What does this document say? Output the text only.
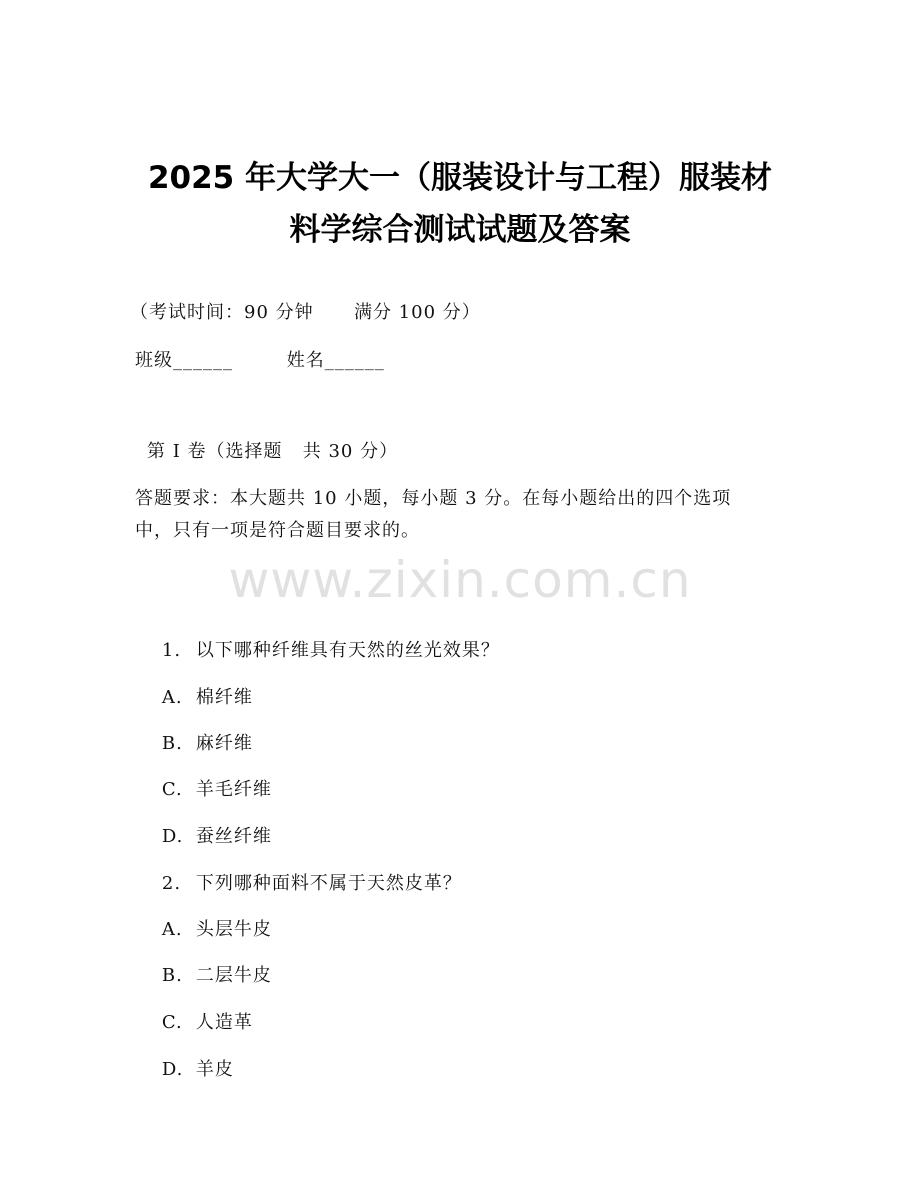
2025 年大学大一（服装设计与工程）服装材
料学综合测试试题及答案
（考试时间：90 分钟      满分 100 分）
班级______        姓名______
第 I 卷（选择题   共 30 分）
答题要求：本大题共 10 小题，每小题 3 分。在每小题给出的四个选项
中，只有一项是符合题目要求的。
www.zixin.com.cn

1. 以下哪种纤维具有天然的丝光效果？

A. 棉纤维

B. 麻纤维

C. 羊毛纤维

D. 蚕丝纤维

2. 下列哪种面料不属于天然皮革？

A. 头层牛皮

B. 二层牛皮

C. 人造革

D. 羊皮
